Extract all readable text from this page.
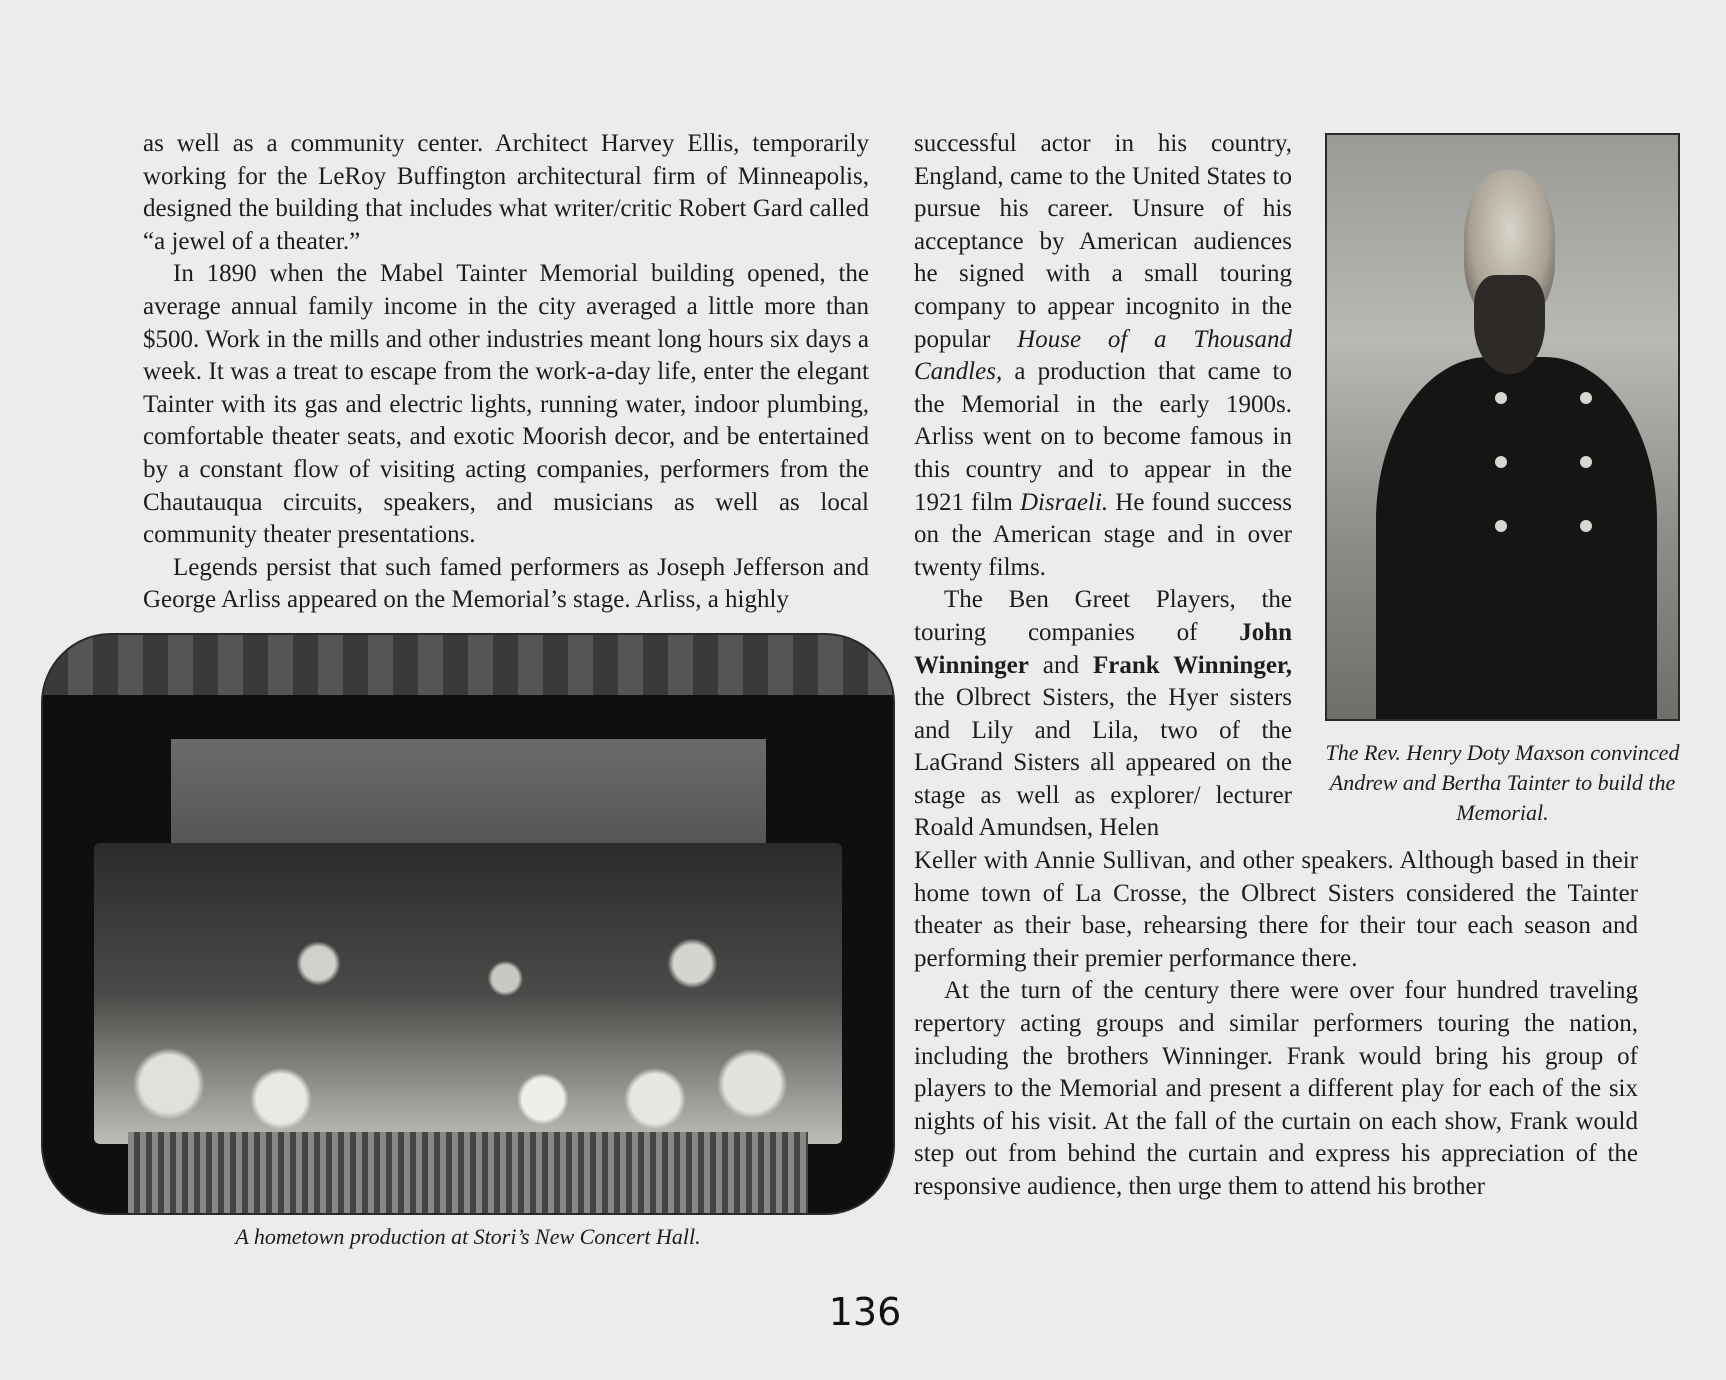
as well as a community center. Architect Harvey Ellis, temporarily working for the LeRoy Buffington architectural firm of Minneapolis, designed the building that includes what writer/critic Robert Gard called “a jewel of a theater.”

In 1890 when the Mabel Tainter Memorial building opened, the average annual family income in the city averaged a little more than $500. Work in the mills and other industries meant long hours six days a week. It was a treat to escape from the work-a-day life, enter the elegant Tainter with its gas and electric lights, running water, indoor plumbing, comfortable theater seats, and exotic Moorish decor, and be entertained by a constant flow of visiting acting companies, performers from the Chautauqua circuits, speakers, and musicians as well as local community theater presentations.

Legends persist that such famed performers as Joseph Jefferson and George Arliss appeared on the Memorial’s stage. Arliss, a highly

successful actor in his country, England, came to the United States to pursue his career. Unsure of his acceptance by American audiences he signed with a small touring company to appear incognito in the popular House of a Thousand Candles, a production that came to the Memorial in the early 1900s. Arliss went on to become famous in this country and to appear in the 1921 film Disraeli. He found success on the American stage and in over twenty films.

The Ben Greet Players, the touring companies of John Winninger and Frank Winninger, the Olbrect Sisters, the Hyer sisters and Lily and Lila, two of the LaGrand Sisters all appeared on the stage as well as explorer/ lecturer Roald Amundsen, Helen

Keller with Annie Sullivan, and other speakers. Although based in their home town of La Crosse, the Olbrect Sisters considered the Tainter theater as their base, rehearsing there for their tour each season and performing their premier performance there.

At the turn of the century there were over four hundred traveling repertory acting groups and similar performers touring the nation, including the brothers Winninger. Frank would bring his group of players to the Memorial and present a different play for each of the six nights of his visit. At the fall of the curtain on each show, Frank would step out from behind the curtain and express his appreciation of the responsive audience, then urge them to attend his brother

The Rev. Henry Doty Maxson convinced Andrew and Bertha Tainter to build the Memorial.
A hometown production at Stori’s New Concert Hall.
136
